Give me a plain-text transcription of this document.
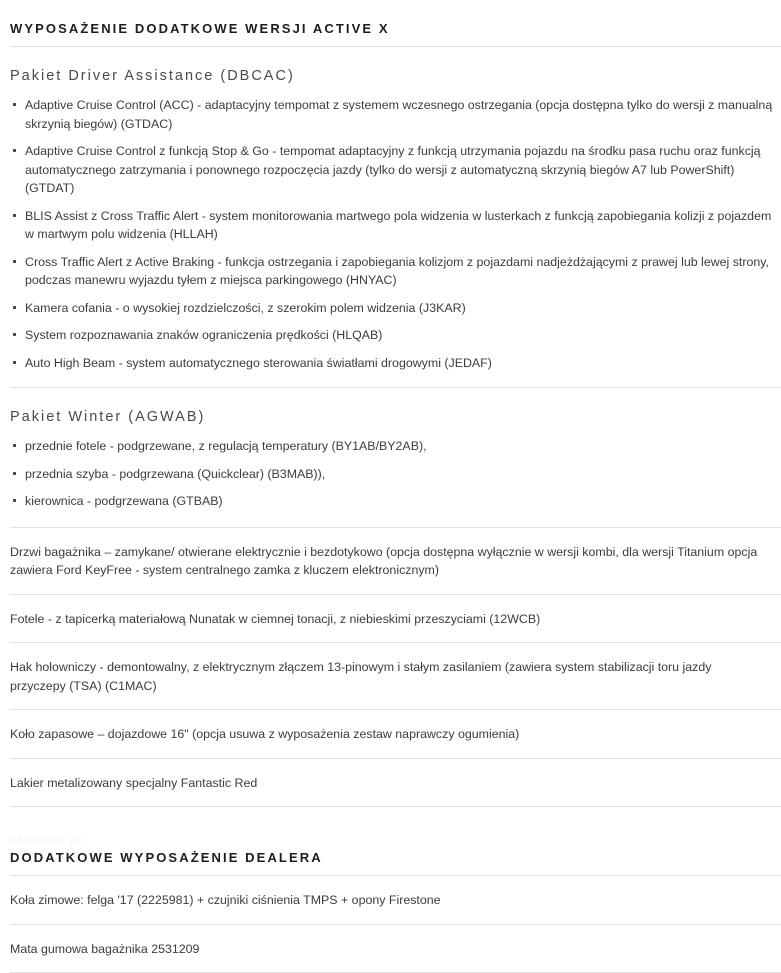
WYPOSAŻENIE DODATKOWE WERSJI ACTIVE X
Pakiet Driver Assistance (DBCAC)
Adaptive Cruise Control (ACC) - adaptacyjny tempomat z systemem wczesnego ostrzegania (opcja dostępna tylko do wersji z manualną skrzynią biegów) (GTDAC)
Adaptive Cruise Control z funkcją Stop & Go - tempomat adaptacyjny z funkcją utrzymania pojazdu na środku pasa ruchu oraz funkcją automatycznego zatrzymania i ponownego rozpoczęcia jazdy (tylko do wersji z automatyczną skrzynią biegów A7 lub PowerShift) (GTDAT)
BLIS Assist z Cross Traffic Alert - system monitorowania martwego pola widzenia w lusterkach z funkcją zapobiegania kolizji z pojazdem w martwym polu widzenia (HLLAH)
Cross Traffic Alert z Active Braking - funkcja ostrzegania i zapobiegania kolizjom z pojazdami nadjeżdżającymi z prawej lub lewej strony, podczas manewru wyjazdu tyłem z miejsca parkingowego (HNYAC)
Kamera cofania - o wysokiej rozdzielczości, z szerokim polem widzenia (J3KAR)
System rozpoznawania znaków ograniczenia prędkości (HLQAB)
Auto High Beam - system automatycznego sterowania światłami drogowymi (JEDAF)
Pakiet Winter (AGWAB)
przednie fotele - podgrzewane, z regulacją temperatury (BY1AB/BY2AB),
przednia szyba - podgrzewana (Quickclear) (B3MAB)),
kierownica - podgrzewana (GTBAB)
Drzwi bagażnika – zamykane/ otwierane elektrycznie i bezdotykowo (opcja dostępna wyłącznie w wersji kombi, dla wersji Titanium opcja zawiera Ford KeyFree - system centralnego zamka z kluczem elektronicznym)
Fotele - z tapicerką materiałową Nunatak w ciemnej tonacji, z niebieskimi przeszyciami (12WCB)
Hak holowniczy - demontowalny, z elektrycznym złączem 13-pinowym i stałym zasilaniem (zawiera system stabilizacji toru jazdy przyczepy (TSA) (C1MAC)
Koło zapasowe – dojazdowe 16" (opcja usuwa z wyposażenia zestaw naprawczy ogumienia)
Lakier metalizowany specjalny Fantastic Red
DODATKOWE WYPOSAŻENIE DEALERA
Koła zimowe: felga '17 (2225981) + czujniki ciśnienia TMPS + opony Firestone
Mata gumowa bagażnika 2531209
otomoto.pl
